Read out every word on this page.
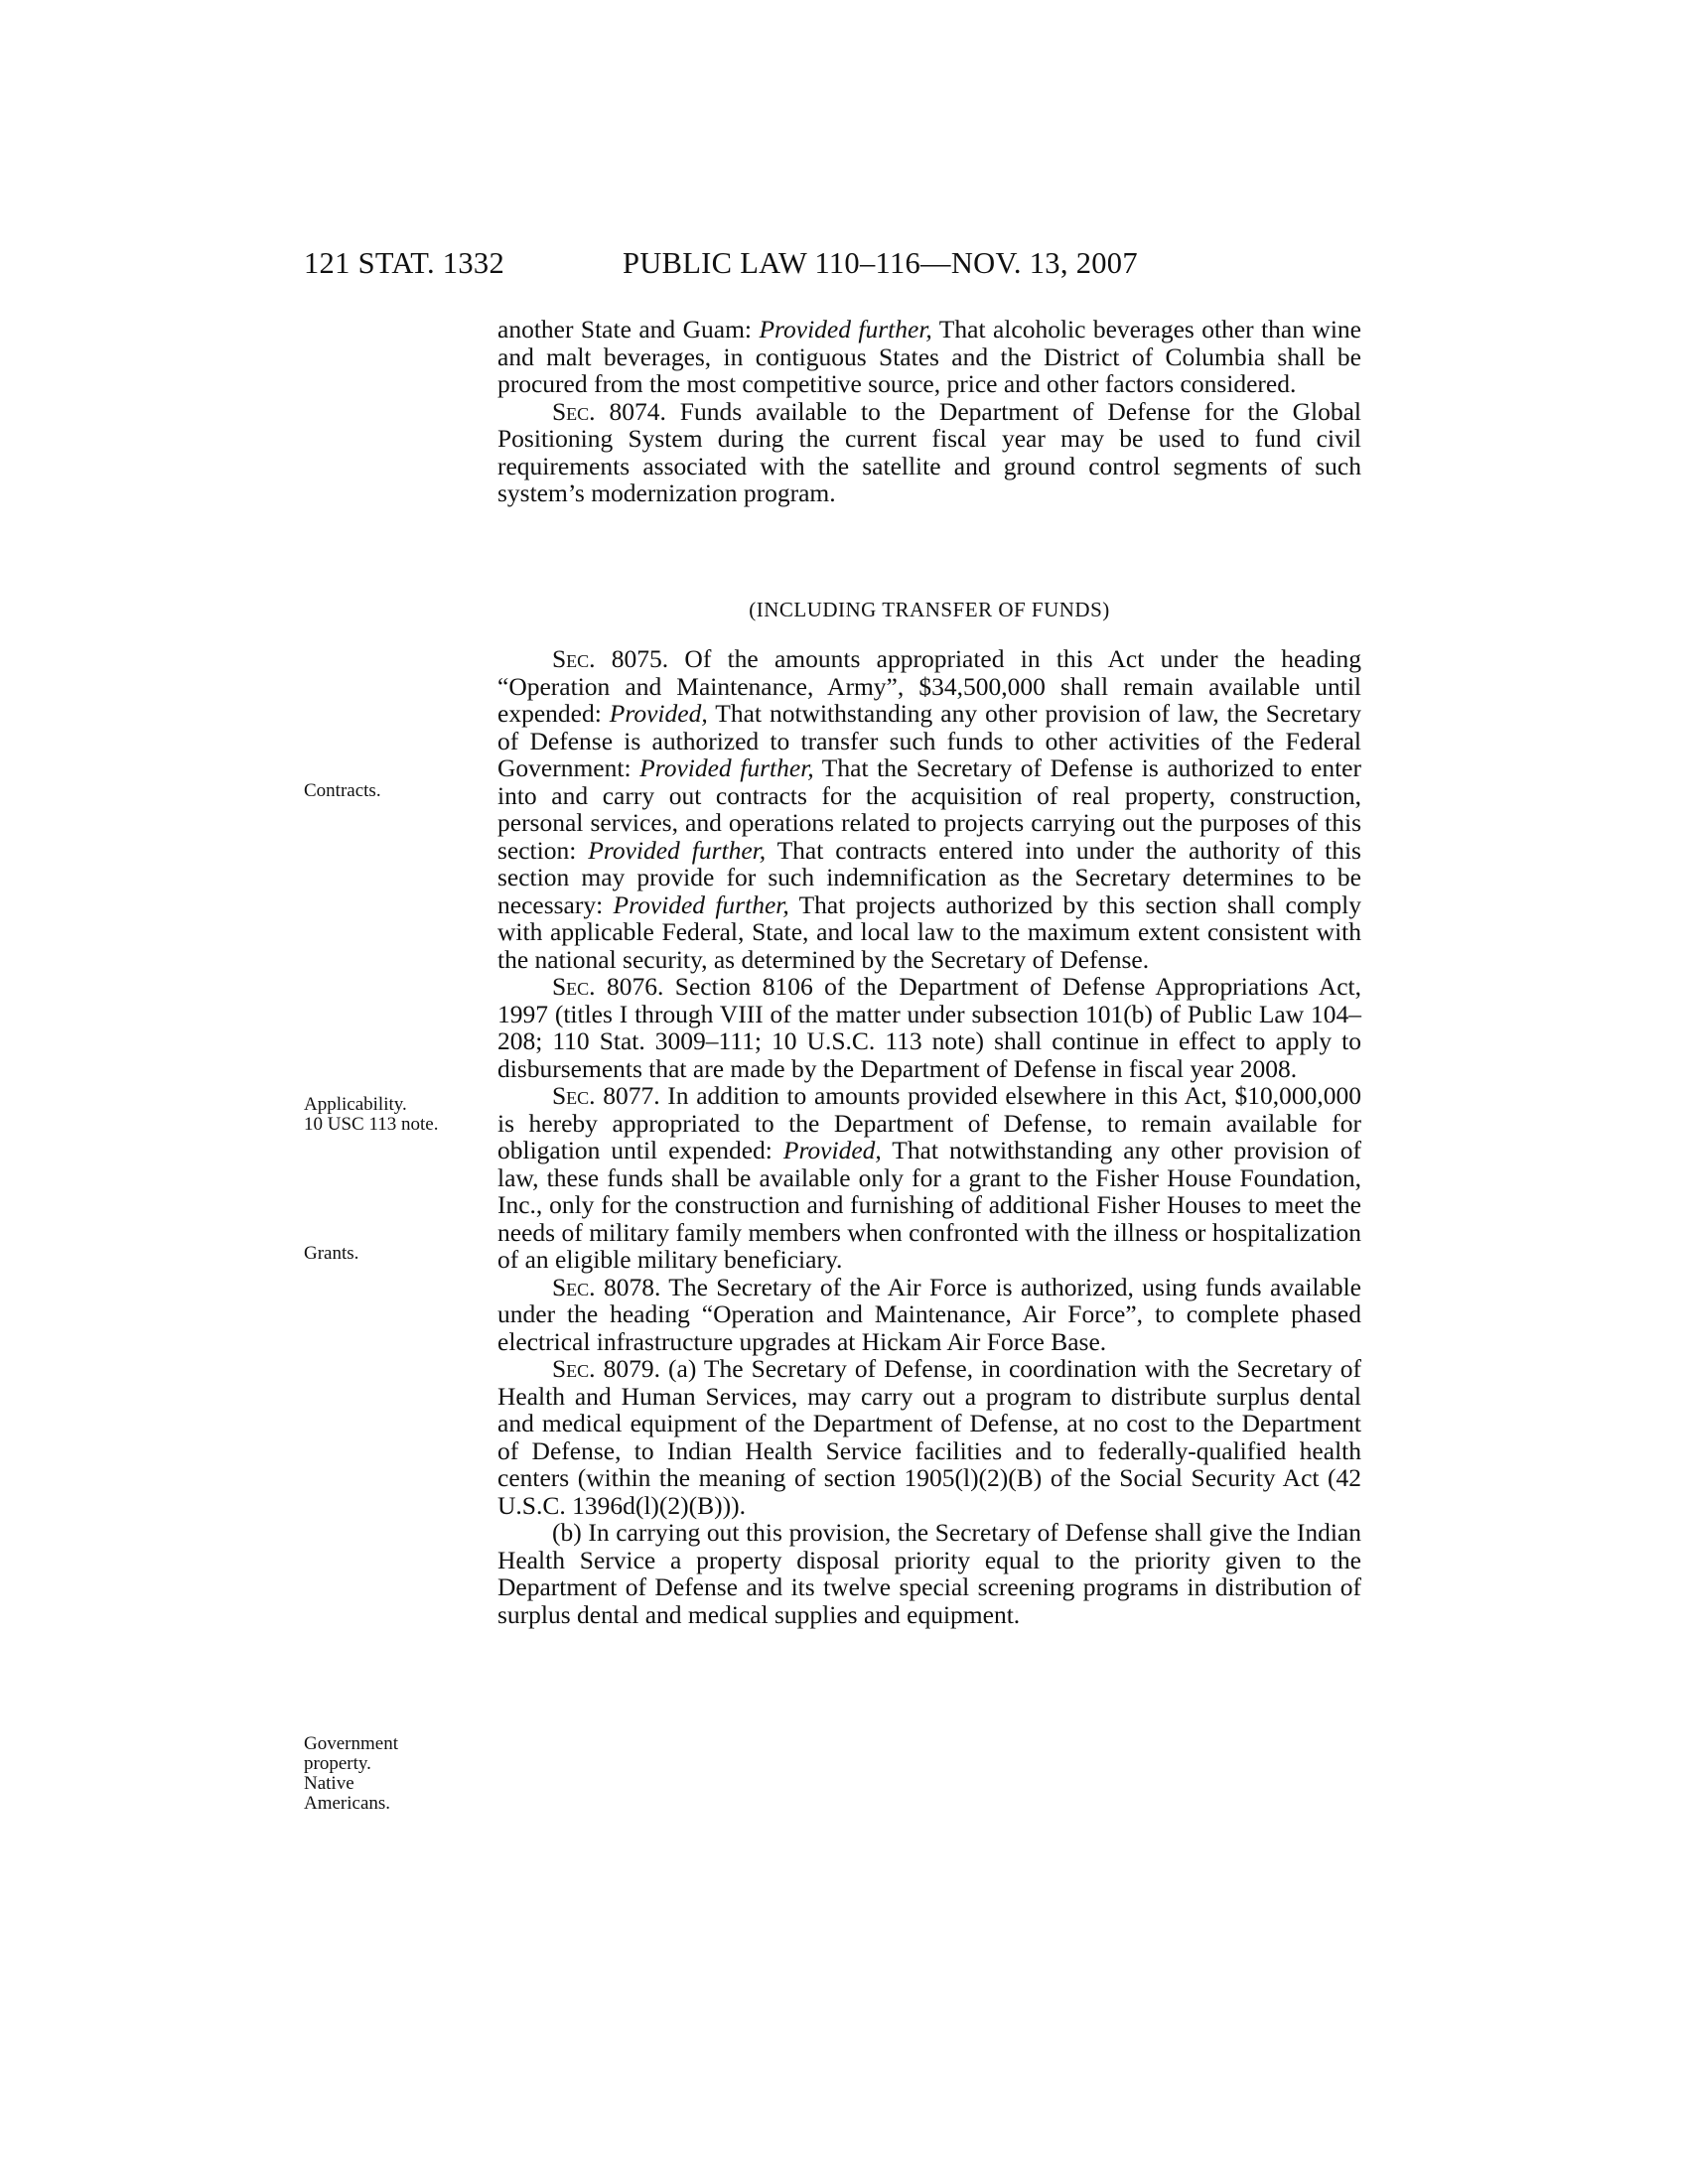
121 STAT. 1332	PUBLIC LAW 110–116—NOV. 13, 2007

another State and Guam: Provided further, That alcoholic beverages other than wine and malt beverages, in contiguous States and the District of Columbia shall be procured from the most competitive source, price and other factors considered.

Sec. 8074. Funds available to the Department of Defense for the Global Positioning System during the current fiscal year may be used to fund civil requirements associated with the satellite and ground control segments of such system’s modernization program.

(INCLUDING TRANSFER OF FUNDS)

Sec. 8075. Of the amounts appropriated in this Act under the heading “Operation and Maintenance, Army”, $34,500,000 shall remain available until expended: Provided, That notwithstanding any other provision of law, the Secretary of Defense is authorized to transfer such funds to other activities of the Federal Government: Provided further, That the Secretary of Defense is authorized to enter into and carry out contracts for the acquisition of real property, construction, personal services, and operations related to projects carrying out the purposes of this section: Provided further, That contracts entered into under the authority of this section may provide for such indemnification as the Secretary determines to be necessary: Provided further, That projects authorized by this section shall comply with applicable Federal, State, and local law to the maximum extent consistent with the national security, as determined by the Secretary of Defense.

Sec. 8076. Section 8106 of the Department of Defense Appropriations Act, 1997 (titles I through VIII of the matter under subsection 101(b) of Public Law 104–208; 110 Stat. 3009–111; 10 U.S.C. 113 note) shall continue in effect to apply to disbursements that are made by the Department of Defense in fiscal year 2008.

Sec. 8077. In addition to amounts provided elsewhere in this Act, $10,000,000 is hereby appropriated to the Department of Defense, to remain available for obligation until expended: Provided, That notwithstanding any other provision of law, these funds shall be available only for a grant to the Fisher House Foundation, Inc., only for the construction and furnishing of additional Fisher Houses to meet the needs of military family members when confronted with the illness or hospitalization of an eligible military beneficiary.

Sec. 8078. The Secretary of the Air Force is authorized, using funds available under the heading “Operation and Maintenance, Air Force”, to complete phased electrical infrastructure upgrades at Hickam Air Force Base.

Sec. 8079. (a) The Secretary of Defense, in coordination with the Secretary of Health and Human Services, may carry out a program to distribute surplus dental and medical equipment of the Department of Defense, at no cost to the Department of Defense, to Indian Health Service facilities and to federally-qualified health centers (within the meaning of section 1905(l)(2)(B) of the Social Security Act (42 U.S.C. 1396d(l)(2)(B))).

(b) In carrying out this provision, the Secretary of Defense shall give the Indian Health Service a property disposal priority equal to the priority given to the Department of Defense and its twelve special screening programs in distribution of surplus dental and medical supplies and equipment.

Contracts.
Applicability.
10 USC 113 note.
Grants.
Government
property.
Native
Americans.
